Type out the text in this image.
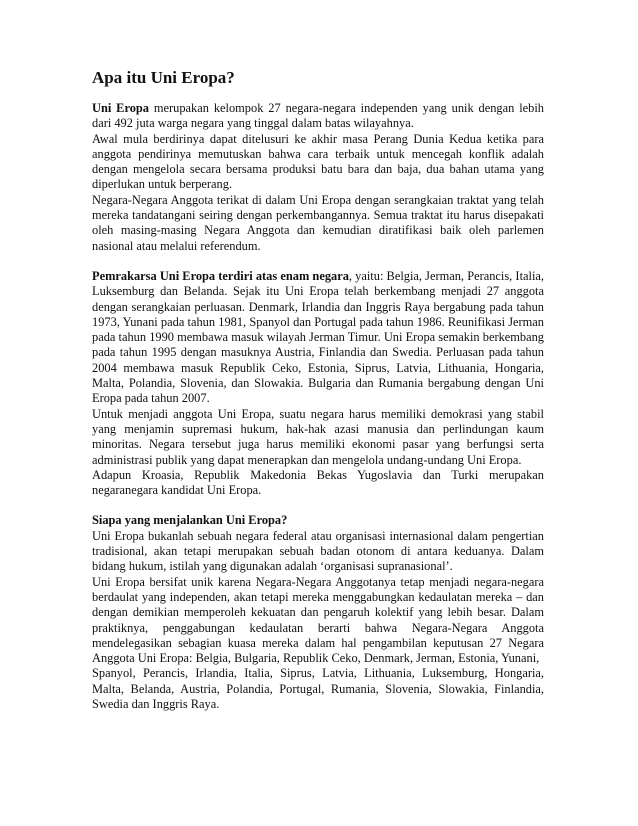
Apa itu Uni Eropa?

Uni Eropa merupakan kelompok 27 negara-negara independen yang unik dengan lebih dari 492 juta warga negara yang tinggal dalam batas wilayahnya.

Awal mula berdirinya dapat ditelusuri ke akhir masa Perang Dunia Kedua ketika para anggota pendirinya memutuskan bahwa cara terbaik untuk mencegah konflik adalah dengan mengelola secara bersama produksi batu bara dan baja, dua bahan utama yang diperlukan untuk berperang.

Negara-Negara Anggota terikat di dalam Uni Eropa dengan serangkaian traktat yang telah mereka tandatangani seiring dengan perkembangannya. Semua traktat itu harus disepakati oleh masing-masing Negara Anggota dan kemudian diratifikasi baik oleh parlemen nasional atau melalui referendum.

Pemrakarsa Uni Eropa terdiri atas enam negara, yaitu: Belgia, Jerman, Perancis, Italia, Luksemburg dan Belanda. Sejak itu Uni Eropa telah berkembang menjadi 27 anggota dengan serangkaian perluasan. Denmark, Irlandia dan Inggris Raya bergabung pada tahun 1973, Yunani pada tahun 1981, Spanyol dan Portugal pada tahun 1986. Reunifikasi Jerman pada tahun 1990 membawa masuk wilayah Jerman Timur. Uni Eropa semakin berkembang pada tahun 1995 dengan masuknya Austria, Finlandia dan Swedia. Perluasan pada tahun 2004 membawa masuk Republik Ceko, Estonia, Siprus, Latvia, Lithuania, Hongaria, Malta, Polandia, Slovenia, dan Slowakia. Bulgaria dan Rumania bergabung dengan Uni Eropa pada tahun 2007.

Untuk menjadi anggota Uni Eropa, suatu negara harus memiliki demokrasi yang stabil yang menjamin supremasi hukum, hak-hak azasi manusia dan perlindungan kaum minoritas. Negara tersebut juga harus memiliki ekonomi pasar yang berfungsi serta administrasi publik yang dapat menerapkan dan mengelola undang-undang Uni Eropa.

Adapun Kroasia, Republik Makedonia Bekas Yugoslavia dan Turki merupakan negaranegara kandidat Uni Eropa.

Siapa yang menjalankan Uni Eropa?

Uni Eropa bukanlah sebuah negara federal atau organisasi internasional dalam pengertian tradisional, akan tetapi merupakan sebuah badan otonom di antara keduanya. Dalam bidang hukum, istilah yang digunakan adalah ‘organisasi supranasional’.

Uni Eropa bersifat unik karena Negara-Negara Anggotanya tetap menjadi negara-negara berdaulat yang independen, akan tetapi mereka menggabungkan kedaulatan mereka – dan dengan demikian memperoleh kekuatan dan pengaruh kolektif yang lebih besar. Dalam praktiknya, penggabungan kedaulatan berarti bahwa Negara-Negara Anggota mendelegasikan sebagian kuasa mereka dalam hal pengambilan keputusan 27 Negara Anggota Uni Eropa: Belgia, Bulgaria, Republik Ceko, Denmark, Jerman, Estonia, Yunani,

Spanyol, Perancis, Irlandia, Italia, Siprus, Latvia, Lithuania, Luksemburg, Hongaria, Malta, Belanda, Austria, Polandia, Portugal, Rumania, Slovenia, Slowakia, Finlandia, Swedia dan Inggris Raya.
